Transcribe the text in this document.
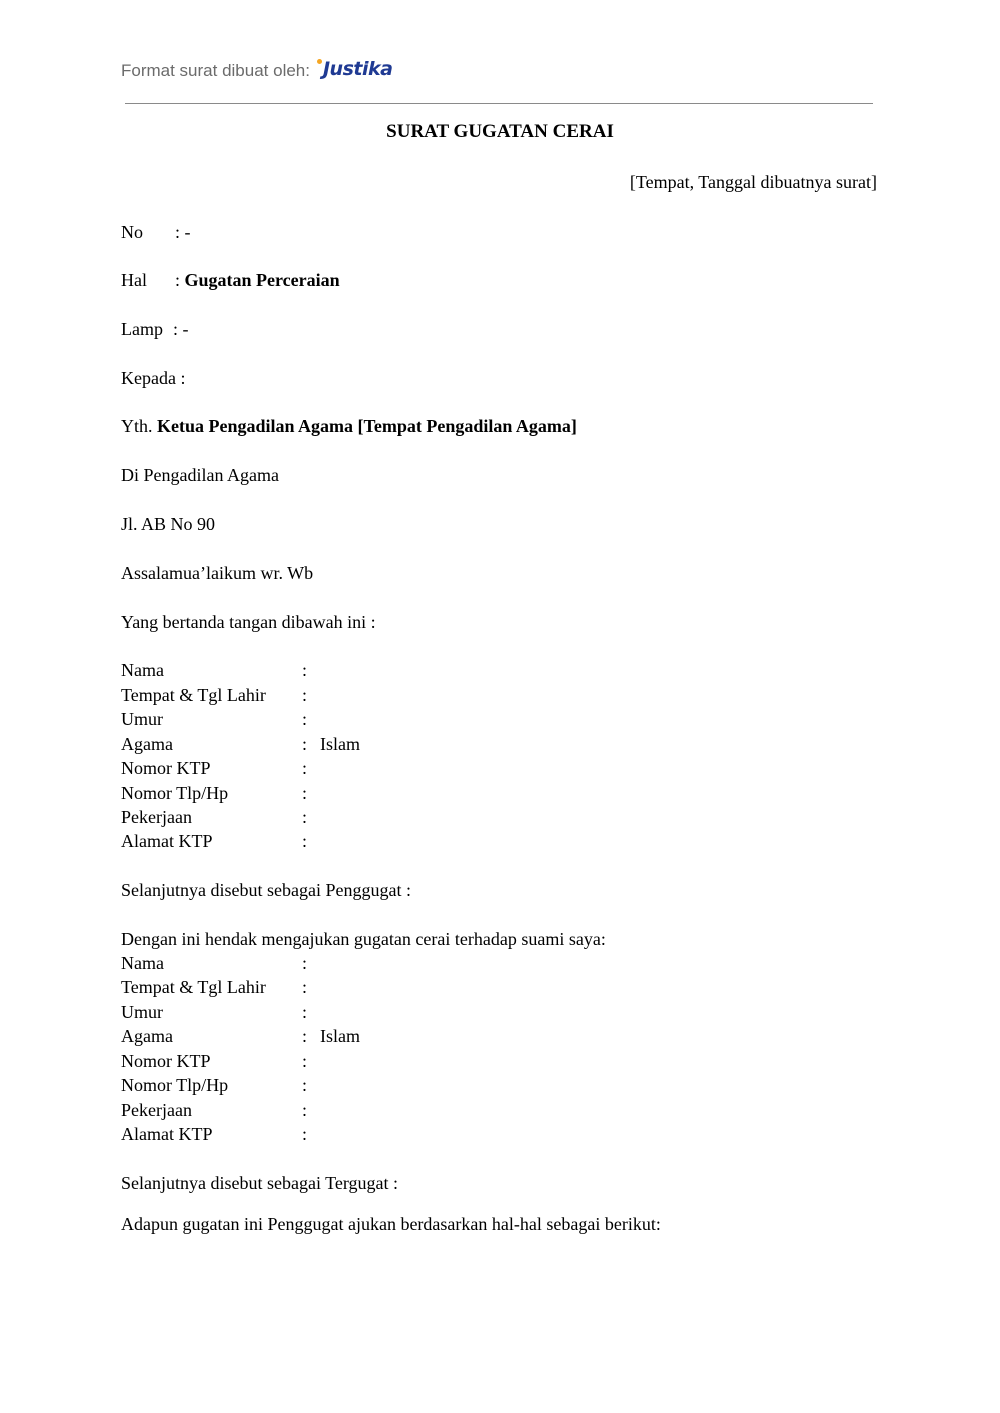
Format surat dibuat oleh: Justika
SURAT GUGATAN CERAI
[Tempat, Tanggal dibuatnya surat]
No : -
Hal : Gugatan Perceraian
Lamp : -
Kepada :
Yth. Ketua Pengadilan Agama [Tempat Pengadilan Agama]
Di Pengadilan Agama
Jl. AB No 90
Assalamua’laikum wr. Wb
Yang bertanda tangan dibawah ini :
Nama	:
Tempat & Tgl Lahir :
Umur	:
Agama	: Islam
Nomor KTP	:
Nomor Tlp/Hp	:
Pekerjaan	:
Alamat KTP	:
Selanjutnya disebut sebagai Penggugat :
Dengan ini hendak mengajukan gugatan cerai terhadap suami saya:
Nama	:
Tempat & Tgl Lahir :
Umur	:
Agama	: Islam
Nomor KTP	:
Nomor Tlp/Hp	:
Pekerjaan	:
Alamat KTP	:
Selanjutnya disebut sebagai Tergugat :
Adapun gugatan ini Penggugat ajukan berdasarkan hal-hal sebagai berikut:
